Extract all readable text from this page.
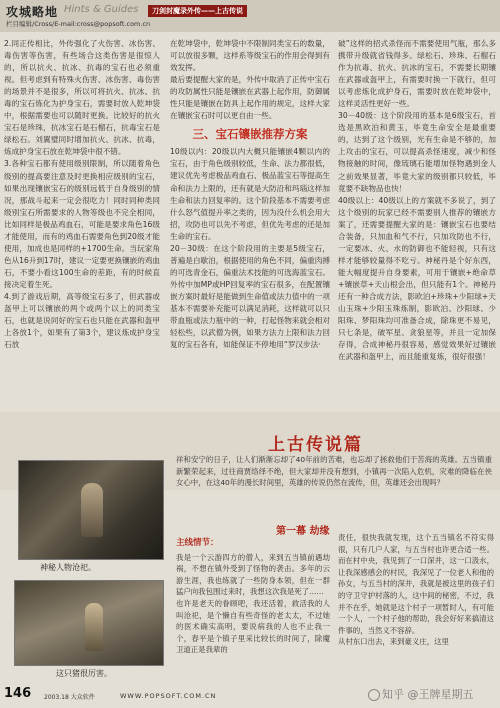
攻城略地 Hints & Guides	刀剑封魔录外传——上古传说
栏目编辑/Cross/E-mail:cross@popsoft.com.cn

2.同正传相比，外传强化了火伤害、冰伤害、毒伤害等伤害，有些场合这类伤害是很惊人的，所以抗火、抗冰、抗毒的宝石也必须重视。但考虑到有特殊火伤害、冰伤害、毒伤害的场景并不是很多，所以可将抗火、抗冰、抗毒的宝石炼化为护身宝石，需要时放入乾坤袋中，根据需要也可以随时更换。比较好的抗火宝石是珍珠，抗冰宝石是石榴石，抗毒宝石是绿松石。刘翼璧同时增加抗火、抗冰、抗毒，炼成护身宝石放在乾坤袋中很不错。

3.各种宝石都有使用级别限制，所以随着角色级别的提高要注意及时更换相应级别的宝石，如果出现镶嵌宝石的级别远低于自身级别的情况，那战斗起来一定会很吃力！同时同种类同级别宝石所需要求的人物等级也不完全相同，比如同样是极品鸡血石，可能是要求角色16级才能使用，而有的鸡血石需要角色到20级才能使用，加成也是同样的+1700生命。当玩家角色从16升到17时，建议一定要更换镶嵌的鸡血石，不要小看这100生命的差距，有的时候直接决定着生死。

4.到了游戏后期，高等级宝石多了，但武器或盔甲上可以镶嵌的两个或两个以上的同类宝石，也就是说同好的宝石也只能在武器和盔甲上各放1个，如果有了第3个，建议炼成护身宝石放

在乾坤袋中，乾坤袋中不限制同类宝石的数量，可以放很多颗，这样系等级宝石的作用会得到有效发挥。

最后要提醒大家的是，外传中取消了正传中宝石的攻防属性只能是镶嵌在武器上起作用，防御属性只能是镶嵌在防具上起作用的规定，这样大家在镶嵌宝石时可以更自由一些。

三、宝石镶嵌推荐方案

10级以内：20级以内大概只能镶嵌4颗以内的宝石，由于角色级别较低，生命、法力都很低，建议优先考虑极品鸡血石、极品蓝宝石等提高生命和法力上限的，还有就是大防沿和玛瑙这样加生命和法力回复率的。这个阶段基本不需要考虑什么怒气值提升率之类的，因为没什么机会用大招，攻防也可以先不考虑，但优先考虑的还是加生命的宝石。

20－30级：在这个阶段用的主要是5级宝石，普遍是白歇泊，根据使用的角色不同，偏重肉搏的可选青金石，偏重法术技能的可选海蓝宝石。外传中加MP或HP回复率的宝石很多，在配置镶嵌方案时最好是能做到生命值或法力值中的一项基本不需要补充能可以满足消耗，这样就可以只带血瓶或法力瓶中的一种，打起怪物来就会相对轻松些，以武僧为例，如果方法力上限和法力回复的宝石各有，如能保证不停地用“罗汉步法·

破”这样的招式杀怪而不需要使用气瓶，那么多携带升级就省钱得多。绿松石、珍珠、石榴石作为抗毒、抗火、抗冰的宝石，不需要长期镶在武器或盔甲上，有需要时换一下就行，但可以考虑炼化成护身石，需要时放在乾坤袋中，这样灵活性更好一些。

30－40级：这个阶段用的基本是6级宝石，首选是黑欧泊和黄玉，毕竟生命安全是最重要的，达到了这个级别，光有生命是不够的，加上攻击的宝石，可以提高杀怪速度，减少和怪物接触的时间，像琉璃石能增加怪物遇到金人之前效果显著，毕竟大家的级别都只较低，毕竟要不缺物品也快！

40级以上：40级以上的方案就不多说了，到了这个级别的玩家已经不需要别人推荐的镶嵌方案了，还需要提醒大家的是：镶嵌宝石也要结合装备，只加血和气不行，只加攻防也不行，一定要冰、火、水的防御也不能轻视，只有这样才能够较量得不吃亏。神秘丹是个好东西，能大幅度提升自身要素，可用于镶嵌+绝命草+镶嵌草+天山根会出，但只能有1个。神秘丹还有一种合成方法，影欧泊+珍珠+少阳球+天山玉珠+少阳玉珠炼制，影欧泊、沙阳球、少阳珠、梦阳珠均可准备合成，除珠更不易见，只七条是，破军星、贪狼星等，并且一定加保存得，合成神秘丹很容易，感觉效果好过镶嵌在武器和盔甲上，而且能重复炼，很好很强！

上古传说篇
祥和安宁的日子，让人们渐渐忘却了40年前的苦难，也忘却了拯救他们于苦海的英雄。五当镇重新繁荣起来，过往商贾络绎不绝，但大家却并没有想到，小镇再一次陷入危机，灾难的降临在侠女心中，在这40年的漫长时间里，英雄的传说仍然在流传，但，英雄还会出现吗？
神秘人物沧祀。
这只猪很厉害。
第一幕 劫缘
主线情节：

我是一个云游四方的僧人，来到五当镇前遇劫祸，不想在镇外受到了怪物的袭击。多年的云游生涯，我也练就了一些防身本领，但在一群猛户向我包围过来时，我想这次我是死了……
也许是老天的眷顾吧，我还活着，救活我的人叫沧祀，是个懒自有些奇怪的老太太，不过她的医术确实高明，要说病我的人也不止我一个，春平是个镇子里采比较长的时间了，除魔卫道正是我辈的

责任，很快我就发现，这个五当镇名不符实得很，只有几户人家，与五当村也许更合适一些。而在村中央，我见到了一口深井，这一口汲水，让我深感感会的村民，我深见了一位老人和他的孙女，与五当村的深井，我就是被这里的孩子们的守卫守护村落的人，这中间的秘密，不过，我并不在乎，她就是这个村子一项暂时人，有可能一个人，一个村子他的帮助，我会好好来搞清这件事的，当然义不容辞。
从村东口出去，来到豪义庄，这里

146 2003.18 大众软件	WWW.POPSOFT.COM.CN	知乎 @王牌星期五
